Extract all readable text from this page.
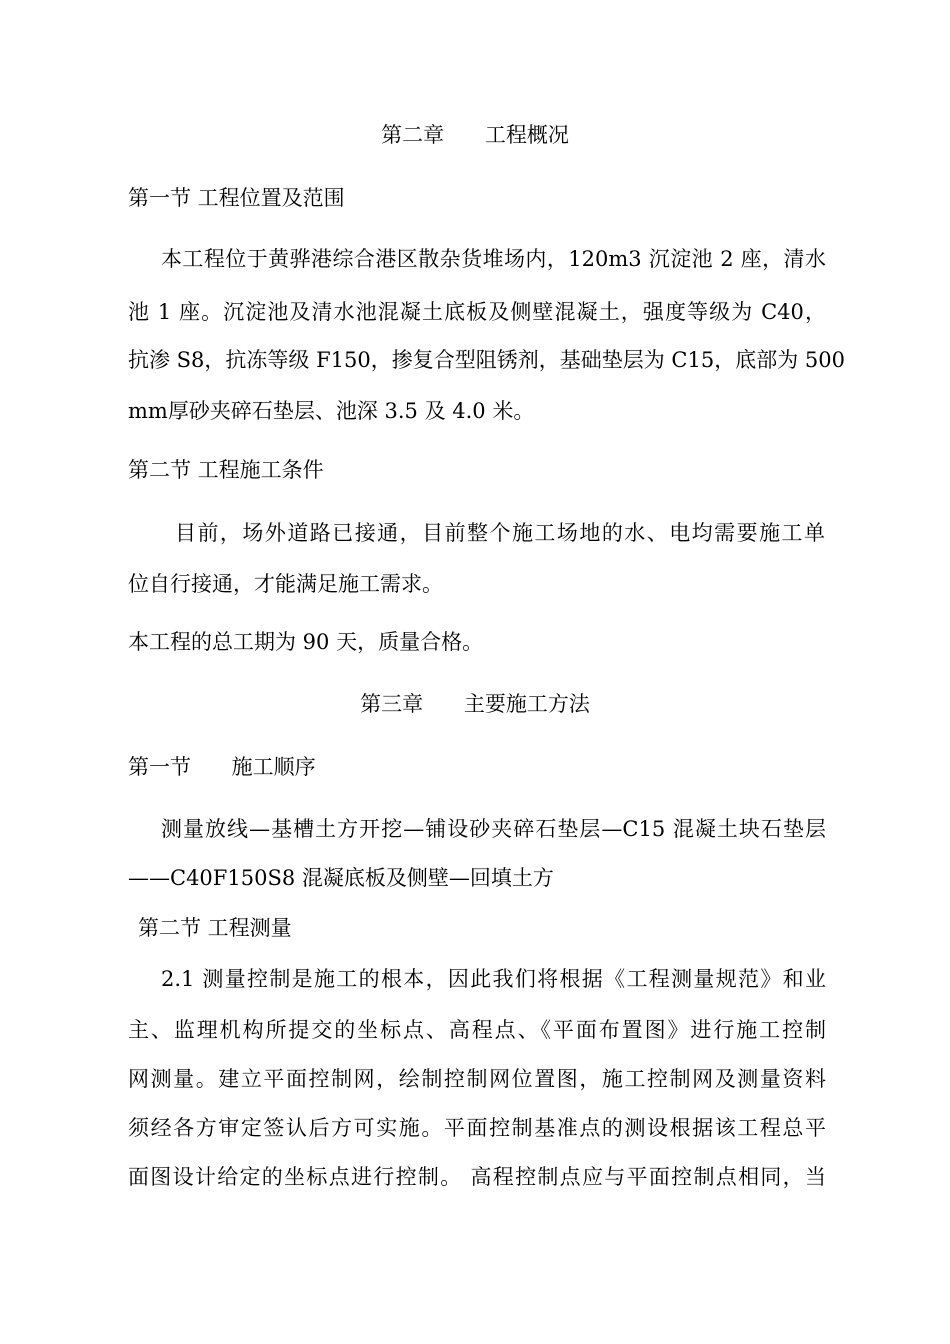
第二章 工程概况
第一节 工程位置及范围

本工程位于黄骅港综合港区散杂货堆场内，120m3 沉淀池 2 座，清水

池 1 座。沉淀池及清水池混凝土底板及侧壁混凝土，强度等级为 C40，

抗渗 S8，抗冻等级 F150，掺复合型阻锈剂，基础垫层为 C15，底部为 500

mm厚砂夹碎石垫层、池深 3.5 及 4.0 米。

第二节 工程施工条件

目前，场外道路已接通，目前整个施工场地的水、电均需要施工单

位自行接通，才能满足施工需求。

本工程的总工期为 90 天，质量合格。

第三章 主要施工方法
第一节 施工顺序

测量放线—基槽土方开挖—铺设砂夹碎石垫层—C15 混凝土块石垫层

——C40F150S8 混凝底板及侧壁—回填土方

第二节 工程测量

2.1 测量控制是施工的根本，因此我们将根据《工程测量规范》和业

主、监理机构所提交的坐标点、高程点、《平面布置图》进行施工控制

网测量。建立平面控制网，绘制控制网位置图，施工控制网及测量资料

须经各方审定签认后方可实施。平面控制基准点的测设根据该工程总平

面图设计给定的坐标点进行控制。 高程控制点应与平面控制点相同，当
